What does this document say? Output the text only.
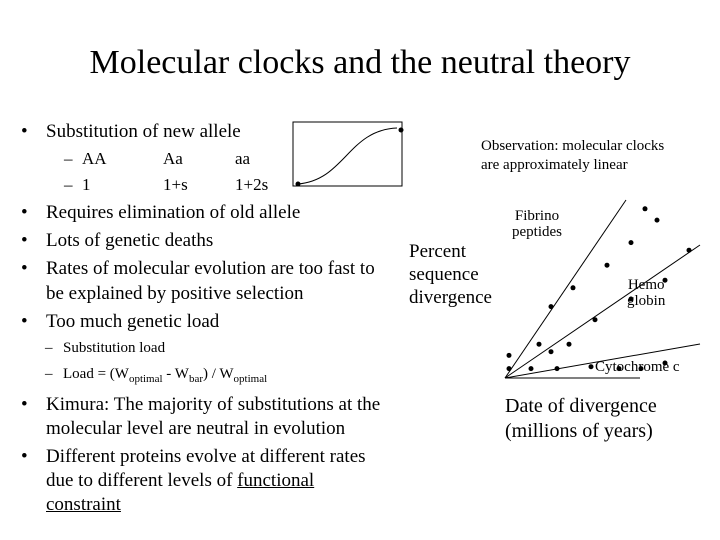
Molecular clocks and the neutral theory
• Substitution of new allele
– AA	Aa	aa
– 1	1+s	1+2s
• Requires elimination of old allele
• Lots of genetic deaths
• Rates of molecular evolution are too fast to
be explained by positive selection
• Too much genetic load
– Substitution load
– Load = $(W_{optimal} - W_{bar}) / W_{optimal}$
• Kimura: The majority of substitutions at the
molecular level are neutral in evolution
• Different proteins evolve at different rates
due to different levels of functional
constraint
Observation: molecular clocks
are approximately linear
Percent
sequence
divergence
Fibrino
peptides
Hemo
globin
Cytochrome c
Date of divergence
(millions of years)
